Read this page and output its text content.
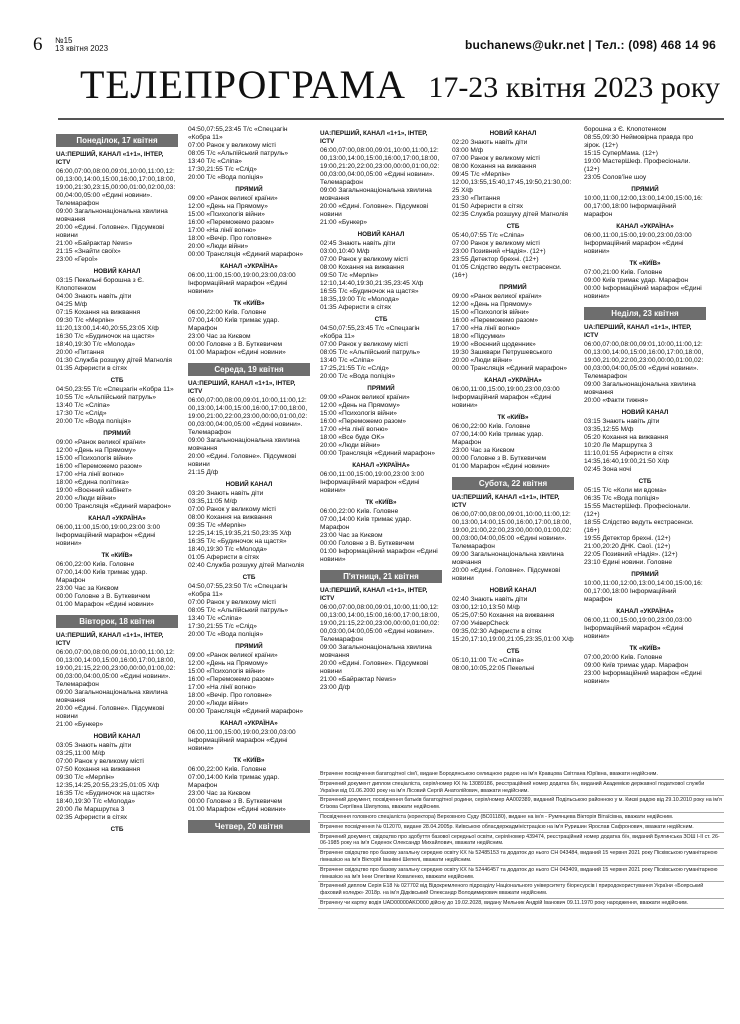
6 №15
13 квітня 2023	buchanews@ukr.net | Тел.: (098) 468 14 96
ТЕЛЕПРОГРАМА 17-23 квітня 2023 року
Понеділок, 17 квітня
UA:ПЕРШИЙ, КАНАЛ «1+1», ІНТЕР, ICTV
06:00,07:00,08:00,09:01,10:00,11:00,12:00,13:00,14:00,15:00,16:00,17:00,18:00,19:00,21:30,23:15,00:00,01:00,02:00,03:00,04:00,05:00 «Єдині новини». Телемарафон
09:00 Загальнонаціональна хвилина мовчання
20:00 «Єдині. Головне». Підсумкові новини
21:00 «Байрактар News»
21:15 «Знайти своїх»
23:00 «Герої»
НОВИЙ КАНАЛ
03:15 Пекельні борошна з Є. Клопотенком
04:00 Знають навіть діти
04:25 М/ф
07:15 Кохання на вижвання
09:30 Т/с «Мерлін»
11:20,13:00,14:40,20:55,23:05 Х/ф
16:30 Т/с «Будиночок на щастя»
18:40,19:30 Т/с «Молода»
20:00 «Питання
01:30 Служба розшуку дітей Магнолія
01:35 Аферисти в сітях
СТБ
04:50,23:55 Т/с «Спецзагін «Кобра 11»
10:55 Т/с «Альпійський патруль»
13:40 Т/с «Сліпа»
17:30 Т/с «Слід»
20:00 Т/с «Вода поліція»
ПРЯМИЙ
09:00 «Ранок великої країни»
12:00 «День на Прямому»
15:00 «Психологія війни»
16:00 «Переможемо разом»
17:00 «На лінії вогню»
18:00 «Єдина політика»
19:00 «Воєнний кабінет»
20:00 «Люди війни»
00:00 Трансляція «Єдиний марафон»
КАНАЛ «УКРАЇНА»
06:00,11:00,15:00,19:00,23:00 3:00 Інформаційний марафон «Єдині новини»
ТК «КИЇВ»
06:00,22:00 Київ. Головне
07:00,14:00 Київ тримає удар. Марафон
23:00 Час за Києвом
00:00 Головне з В. Буткевичем
01:00 Марафон «Єдині новини»
Вівторок, 18 квітня
UA:ПЕРШИЙ, КАНАЛ «1+1», ІНТЕР, ICTV
06:00,07:00,08:00,09:01,10:00,11:00,12:00,13:00,14:00,15:00,16:00,17:00,18:00,19:00,21:15,22:00,23:00,00:00,01:00,02:00,03:00,04:00,05:00 «Єдині новини». Телемарафон
09:00 Загальнонаціональна хвилина мовчання
20:00 «Єдині. Головне». Підсумкові новини
21:00 «Бункер»
НОВИЙ КАНАЛ
03:05 Знають навіть діти
03:25,11:00 М/ф
07:00 Ранок у великому місті
07:50 Кохання на вижвання
09:30 Т/с «Мерлін»
12:35,14:25,20:55,23:25,01:05 Х/ф
16:35 Т/с «Будиночок на щастя»
18:40,19:30 Т/с «Молода»
20:00 Ле Маршрутка 3
02:35 Аферисти в сітях
СТБ
04:50,07:55,23:45 Т/с «Спецзагін «Кобра 11»
07:00 Ранок у великому місті
08:05 Т/с «Альпійський патруль»
13:40 Т/с «Сліпа»
17:30,21:55 Т/с «Слід»
20:00 Т/с «Вода поліція»
ПРЯМИЙ
09:00 «Ранок великої країни»
12:00 «День на Прямому»
15:00 «Психологія війни»
16:00 «Переможемо разом»
17:00 «На лінії вогню»
18:00 «Вечір. Про головне»
20:00 «Люди війни»
00:00 Трансляція «Єдиний марафон»
КАНАЛ «УКРАЇНА»
06:00,11:00,15:00,19:00,23:00,03:00 Інформаційний марафон «Єдині новини»
ТК «КИЇВ»
06:00,22:00 Київ. Головне
07:00,14:00 Київ тримає удар. Марафон
23:00 Час за Києвом
00:00 Головне з В. Буткевичем
01:00 Марафон «Єдині новини»
Середа, 19 квітня
UA:ПЕРШИЙ, КАНАЛ «1+1», ІНТЕР, ICTV
06:00,07:00,08:00,09:01,10:00,11:00,12:00,13:00,14:00,15:00,16:00,17:00,18:00,19:00,21:00,22:00,23:00,00:00,01:00,02:00,03:00,04:00,05:00 «Єдині новини». Телемарафон
09:00 Загальнонаціональна хвилина мовчання
20:00 «Єдині. Головне». Підсумкові новини
21:15 Д/ф
НОВИЙ КАНАЛ
03:20 Знають навіть діти
03:35,11:05 М/ф
07:00 Ранок у великому місті
08:00 Кохання на вижвання
09:35 Т/с «Мерлін»
12:25,14:15,19:35,21:50,23:35 Х/ф
16:35 Т/с «Будиночок на щастя»
18:40,19:30 Т/с «Молода»
01:05 Аферисти в сітях
02:40 Служба розшуку дітей Магнолія
СТБ
04:50,07:55,23:50 Т/с «Спецзагін «Кобра 11»
07:00 Ранок у великому місті
08:05 Т/с «Альпійський патруль»
13:40 Т/с «Сліпа»
17:30,21:55 Т/с «Слід»
20:00 Т/с «Вода поліція»
ПРЯМИЙ
09:00 «Ранок великої країни»
12:00 «День на Прямому»
15:00 «Психологія війни»
16:00 «Переможемо разом»
17:00 «На лінії вогню»
18:00 «Вечір. Про головне»
20:00 «Люди війни»
00:00 Трансляція «Єдиний марафон»
КАНАЛ «УКРАЇНА»
06:00,11:00,15:00,19:00,23:00,03:00 Інформаційний марафон «Єдині новини»
ТК «КИЇВ»
06:00,22:00 Київ. Головне
07:00,14:00 Київ тримає удар. Марафон
23:00 Час за Києвом
00:00 Головне з В. Буткевичем
01:00 Марафон «Єдині новини»
Четвер, 20 квітня
UA:ПЕРШИЙ, КАНАЛ «1+1», ІНТЕР, ICTV
06:00,07:00,08:00,09:01,10:00,11:00,12:00,13:00,14:00,15:00,16:00,17:00,18:00,19:00,21:20,22:00,23:00,00:00,01:00,02:00,03:00,04:00,05:00 «Єдині новини». Телемарафон
09:00 Загальнонаціональна хвилина мовчання
20:00 «Єдині. Головне». Підсумкові новини
21:00 «Бункер»
НОВИЙ КАНАЛ
02:45 Знають навіть діти
03:00,10:40 М/ф
07:00 Ранок у великому місті
08:00 Кохання на вижвання
09:50 Т/с «Мерлін»
12:10,14:40,19:30,21:35,23:45 Х/ф
16:55 Т/с «Будиночок на щастя»
18:35,19:00 Т/с «Молода»
01:35 Аферисти в сітях
СТБ
04:50,07:55,23:45 Т/с «Спецзагін «Кобра 11»
07:00 Ранок у великому місті
08:05 Т/с «Альпійський патруль»
13:40 Т/с «Сліпа»
17:25,21:55 Т/с «Слід»
20:00 Т/с «Вода поліція»
ПРЯМИЙ
09:00 «Ранок великої країни»
12:00 «День на Прямому»
15:00 «Психологія війни»
16:00 «Переможемо разом»
17:00 «На лінії вогню»
18:00 «Все буде OK»
20:00 «Люди війни»
00:00 Трансляція «Єдиний марафон»
КАНАЛ «УКРАЇНА»
06:00,11:00,15:00,19:00,23:00 3:00 Інформаційний марафон «Єдині новини»
ТК «КИЇВ»
06:00,22:00 Київ. Головне
07:00,14:00 Київ тримає удар. Марафон
23:00 Час за Києвом
00:00 Головне з В. Буткевичем
01:00 Інформаційний марафон «Єдині новини»
П'ятниця, 21 квітня
UA:ПЕРШИЙ, КАНАЛ «1+1», ІНТЕР, ICTV
06:00,07:00,08:00,09:01,10:00,11:00,12:00,13:00,14:00,15:00,16:00,17:00,18:00,19:00,21:15,22:00,23:00,00:00,01:00,02:00,03:00,04:00,05:00 «Єдині новини». Телемарафон
09:00 Загальнонаціональна хвилина мовчання
20:00 «Єдині. Головне». Підсумкові новини
21:00 «Байрактар News»
23:00 Д/ф
НОВИЙ КАНАЛ
02:20 Знають навіть діти
03:00 М/ф
07:00 Ранок у великому місті
08:00 Кохання на вижвання
09:45 Т/с «Мерлін»
12:00,13:55,15:40,17:45,19:50,21:30,00:25 Х/ф
23:30 «Питання
01:50 Аферисти в сітях
02:35 Служба розшуку дітей Магнолія
СТБ
05:40,07:55 Т/с «Сліпа»
07:00 Ранок у великому місті
23:00 Позивний «Надія». (12+)
23:55 Детектор брехні. (12+)
01:05 Слідство ведуть екстрасенси. (16+)
ПРЯМИЙ
09:00 «Ранок великої країни»
12:00 «День на Прямому»
15:00 «Психологія війни»
16:00 «Переможемо разом»
17:00 «На лінії вогню»
18:00 «Підсумки»
19:00 «Воєнний щоденник»
19:30 Зашквари Петрушевського
20:00 «Люди війни»
00:00 Трансляція «Єдиний марафон»
КАНАЛ «УКРАЇНА»
06:00,11:00,15:00,19:00,23:00,03:00 Інформаційний марафон «Єдині новини»
ТК «КИЇВ»
06:00,22:00 Київ. Головне
07:00,14:00 Київ тримає удар. Марафон
23:00 Час за Києвом
00:00 Головне з В. Буткевичем
01:00 Марафон «Єдині новини»
Субота, 22 квітня
UA:ПЕРШИЙ, КАНАЛ «1+1», ІНТЕР, ICTV
06:00,07:00,08:00,09:01,10:00,11:00,12:00,13:00,14:00,15:00,16:00,17:00,18:00,19:00,21:00,22:00,23:00,00:00,01:00,02:00,03:00,04:00,05:00 «Єдині новини». Телемарафон
09:00 Загальнонаціональна хвилина мовчання
20:00 «Єдині. Головне». Підсумкові новини
НОВИЙ КАНАЛ
02:40 Знають навіть діти
03:00,12:10,13:50 М/ф
05:25,07:50 Кохання на вижвання
07:00 УніверCheck
09:35,02:30 Аферисти в сітях
15:20,17:10,19:00,21:05,23:35,01:00 Х/ф
СТБ
05:10,11:00 Т/с «Сліпа»
08:00,10:05,22:05 Пекельні
борошна з Є. Клопотенком
08:55,09:30 Неймовірна правда про зірок. (12+)
15:15 СуперМама. (12+)
19:00 МастерШеф. Професіонали. (12+)
23:05 Солов'їне шоу
ПРЯМИЙ
10:00,11:00,12:00,13:00,14:00,15:00,16:00,17:00,18:00 Інформаційний марафон
КАНАЛ «УКРАЇНА»
06:00,11:00,15:00,19:00,23:00,03:00 Інформаційний марафон «Єдині новини»
ТК «КИЇВ»
07:00,21:00 Київ. Головне
09:00 Київ тримає удар. Марафон
00:00 Інформаційний марафон «Єдині новини»
Неділя, 23 квітня
UA:ПЕРШИЙ, КАНАЛ «1+1», ІНТЕР, ICTV
06:00,07:00,08:00,09:01,10:00,11:00,12:00,13:00,14:00,15:00,16:00,17:00,18:00,19:00,21:00,22:00,23:00,00:00,01:00,02:00,03:00,04:00,05:00 «Єдині новини». Телемарафон
09:00 Загальнонаціональна хвилина мовчання
20:00 «Факти тижня»
НОВИЙ КАНАЛ
03:15 Знають навіть діти
03:35,12:55 М/ф
05:20 Кохання на вижвання
10:20 Ле Маршрутка 3
11:10,01:55 Аферисти в сітях
14:35,16:40,19:00,21:50 Х/ф
02:45 Зона ночі
СТБ
05:15 Т/с «Коли ми вдома»
06:35 Т/с «Вода поліція»
15:55 МастерШеф. Професіонали. (12+)
18:55 Слідство ведуть екстрасенси. (16+)
19:55 Детектор брехні. (12+)
21:00,20:20 ДНК. Свої. (12+)
22:05 Позивний «Надія». (12+)
23:10 Єдині новини. Головне
ПРЯМИЙ
10:00,11:00,12:00,13:00,14:00,15:00,16:00,17:00,18:00 Інформаційний марафон
КАНАЛ «УКРАЇНА»
06:00,11:00,15:00,19:00,23:00,03:00 Інформаційний марафон «Єдині новини»
ТК «КИЇВ»
07:00,20:00 Київ. Головне
09:00 Київ тримає удар. Марафон
23:00 Інформаційний марафон «Єдині новини»
Втрачене посвідчення багатодітної сім'ї, видане Бородянською селищною радою на ім'я Кравцова Світлана Юріївна, вважати недійсним.
Втрачений документ диплом спеціаліста, серія/номер КХ № 13089186, реєстраційний номер додатка б/н, виданий Академією державної податкової служби України від 01.06.2000 року на ім'я Лісовий Сергій Анатолійович, вважати недійсним.
Втрачений документ, посвідчення батьків багатодітної родини, серія/номер АА002389, виданий Подільською районною у м. Києві радою від 29.10.2010 року на ім'я Єгізова Сергіївна Шилупова, вважати недійсним.
Посвідчення головного спеціаліста (коректора) Верховного Суду (ВС01180), видане на ім'я - Румянцева Вікторія Вітаїсівна, вважати недійсним.
Втрачене посвідчення № 012070, видане 28.04.2005р. Київською обласдержадміністрацією на ім'я Руришин Ярослав Сафронович, вважати недійсним.
Втрачений документ, свідоцтво про здобуття базової середньої освіти, серія/номер 439474, реєстраційний номер додатка б/н, виданий Булгинська ЗОШ І-ІІ ст. 26-06-1985 року на ім'я Седенок Олександр Михайлович, вважати недійсним.
Втрачене свідоцтво про базову загальну середню освіту КХ № 52485153 та додаток до нього СН 043484, виданий 15 червня 2021 року Пісківською гуманітарною гімназією на ім'я Вікторій Іванівні Шепелі, вважати недійсним.
Втрачене свідоцтво про базову загальну середню освіту КХ № 52446457 та додаток до нього СН 043409, виданий 15 червня 2021 року Пісківською гуманітарною гімназією на ім'я Інни Олегівни Коваленко, вважати недійсним.
Втрачений диплом Серія Е18 № 027702 від Відокремленого підрозділу Національного університету біоресурсів і природокористування України «Боярський фаховий коледж» 2018р. на ім'я Дідківський Олександр Володимирович вважати недійсним.
Втрачену чи картку водія UAD00000AKO000 дійсну до 19.02.2028, видану Мельник Андрій Іванович 09.11.1970 року народження, вважати недійсним.
